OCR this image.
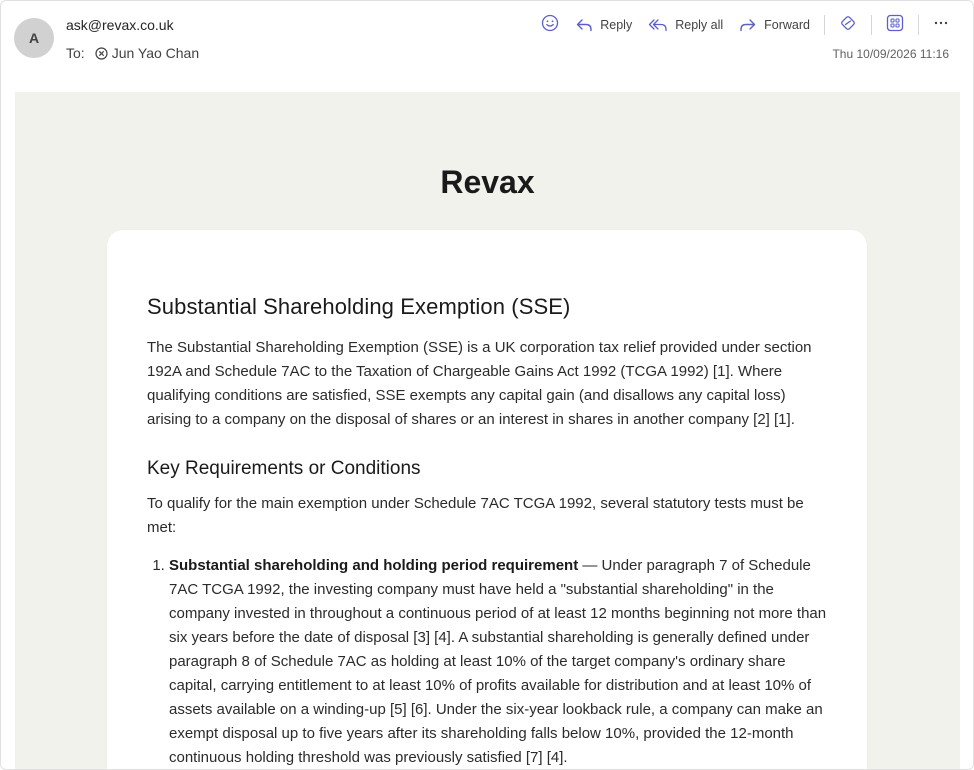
A
ask@revax.co.uk
To: Jun Yao Chan
Reply	Reply all	Forward
Thu 10/09/2026 11:16
Revax
Substantial Shareholding Exemption (SSE)

The Substantial Shareholding Exemption (SSE) is a UK corporation tax relief provided under section 192A and Schedule 7AC to the Taxation of Chargeable Gains Act 1992 (TCGA 1992) [1]. Where qualifying conditions are satisfied, SSE exempts any capital gain (and disallows any capital loss) arising to a company on the disposal of shares or an interest in shares in another company [2] [1].

Key Requirements or Conditions

To qualify for the main exemption under Schedule 7AC TCGA 1992, several statutory tests must be met:

1. Substantial shareholding and holding period requirement — Under paragraph 7 of Schedule 7AC TCGA 1992, the investing company must have held a "substantial shareholding" in the company invested in throughout a continuous period of at least 12 months beginning not more than six years before the date of disposal [3] [4]. A substantial shareholding is generally defined under paragraph 8 of Schedule 7AC as holding at least 10% of the target company's ordinary share capital, carrying entitlement to at least 10% of profits available for distribution and at least 10% of assets available on a winding-up [5] [6]. Under the six-year lookback rule, a company can make an exempt disposal up to five years after its shareholding falls below 10%, provided the 12-month continuous holding threshold was previously satisfied [7] [4].
